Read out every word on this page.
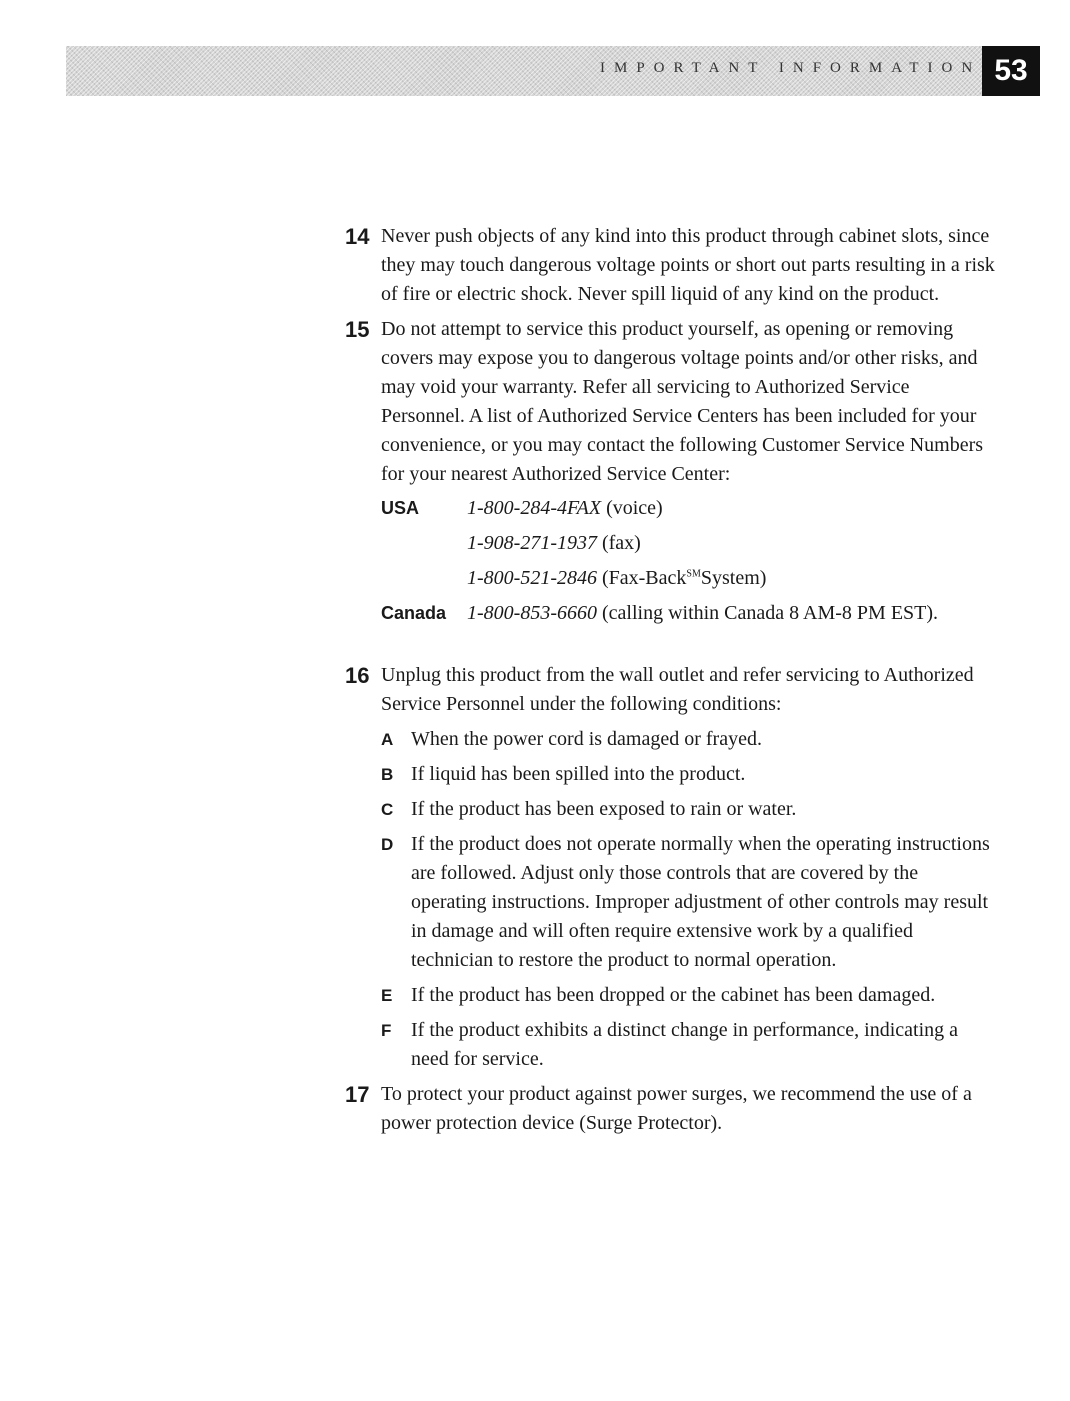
IMPORTANT INFORMATION 53
14 Never push objects of any kind into this product through cabinet slots, since they may touch dangerous voltage points or short out parts resulting in a risk of fire or electric shock. Never spill liquid of any kind on the product.

15 Do not attempt to service this product yourself, as opening or removing covers may expose you to dangerous voltage points and/or other risks, and may void your warranty. Refer all servicing to Authorized Service Personnel. A list of Authorized Service Centers has been included for your convenience, or you may contact the following Customer Service Numbers for your nearest Authorized Service Center:

USA 1-800-284-4FAX (voice)
1-908-271-1937 (fax)
1-800-521-2846 (Fax-Back℠System)
Canada 1-800-853-6660 (calling within Canada 8 AM-8 PM EST).
16 Unplug this product from the wall outlet and refer servicing to Authorized Service Personnel under the following conditions:

A When the power cord is damaged or frayed.
B If liquid has been spilled into the product.
C If the product has been exposed to rain or water.
D If the product does not operate normally when the operating instructions are followed. Adjust only those controls that are covered by the operating instructions. Improper adjustment of other controls may result in damage and will often require extensive work by a qualified technician to restore the product to normal operation.
E If the product has been dropped or the cabinet has been damaged.
F If the product exhibits a distinct change in performance, indicating a need for service.
17 To protect your product against power surges, we recommend the use of a power protection device (Surge Protector).
